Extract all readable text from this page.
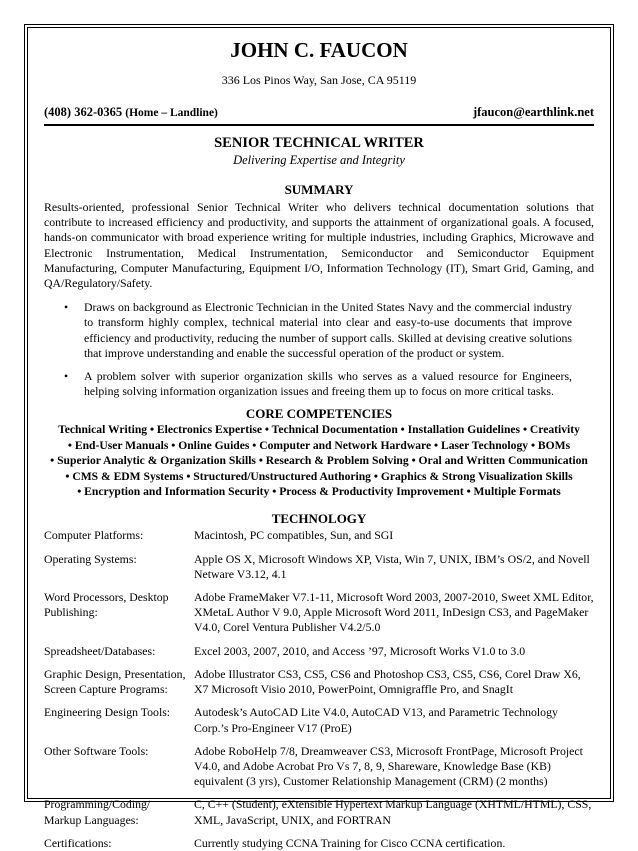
JOHN C. FAUCON
336 Los Pinos Way, San Jose, CA 95119
(408) 362-0365 (Home – Landline)	jfaucon@earthlink.net
SENIOR TECHNICAL WRITER
Delivering Expertise and Integrity
SUMMARY

Results-oriented, professional Senior Technical Writer who delivers technical documentation solutions that contribute to increased efficiency and productivity, and supports the attainment of organizational goals. A focused, hands-on communicator with broad experience writing for multiple industries, including Graphics, Microwave and Electronic Instrumentation, Medical Instrumentation, Semiconductor and Semiconductor Equipment Manufacturing, Computer Manufacturing, Equipment I/O, Information Technology (IT), Smart Grid, Gaming, and QA/Regulatory/Safety.

• Draws on background as Electronic Technician in the United States Navy and the commercial industry to transform highly complex, technical material into clear and easy-to-use documents that improve efficiency and productivity, reducing the number of support calls. Skilled at devising creative solutions that improve understanding and enable the successful operation of the product or system.
• A problem solver with superior organization skills who serves as a valued resource for Engineers, helping solving information organization issues and freeing them up to focus on more critical tasks.
CORE COMPETENCIES
Technical Writing • Electronics Expertise • Technical Documentation • Installation Guidelines • Creativity
• End-User Manuals • Online Guides • Computer and Network Hardware • Laser Technology • BOMs
• Superior Analytic & Organization Skills • Research & Problem Solving • Oral and Written Communication
• CMS & EDM Systems • Structured/Unstructured Authoring • Graphics & Strong Visualization Skills
• Encryption and Information Security • Process & Productivity Improvement • Multiple Formats
TECHNOLOGY
Computer Platforms:	Macintosh, PC compatibles, Sun, and SGI
Operating Systems:	Apple OS X, Microsoft Windows XP, Vista, Win 7, UNIX, IBM’s OS/2, and Novell Netware V3.12, 4.1
Word Processors, Desktop Publishing:
Adobe FrameMaker V7.1-11, Microsoft Word 2003, 2007-2010, Sweet XML Editor, XMetaL Author V 9.0, Apple Microsoft Word 2011, InDesign CS3, and PageMaker V4.0, Corel Ventura Publisher V4.2/5.0
Spreadsheet/Databases:	Excel 2003, 2007, 2010, and Access ’97, Microsoft Works V1.0 to 3.0
Graphic Design, Presentation, Screen Capture Programs:
Adobe Illustrator CS3, CS5, CS6 and Photoshop CS3, CS5, CS6, Corel Draw X6, X7 Microsoft Visio 2010, PowerPoint, Omnigraffle Pro, and SnagIt
Engineering Design Tools:	Autodesk’s AutoCAD Lite V4.0, AutoCAD V13, and Parametric Technology Corp.’s Pro-Engineer V17 (ProE)
Other Software Tools:	Adobe RoboHelp 7/8, Dreamweaver CS3, Microsoft FrontPage, Microsoft Project V4.0, and Adobe Acrobat Pro Vs 7, 8, 9, Shareware, Knowledge Base (KB) equivalent (3 yrs), Customer Relationship Management (CRM) (2 months)
Programming/Coding/ Markup Languages:
C, C++ (Student), eXtensible Hypertext Markup Language (XHTML/HTML), CSS, XML, JavaScript, UNIX, and FORTRAN
Certifications:	Currently studying CCNA Training for Cisco CCNA certification.
